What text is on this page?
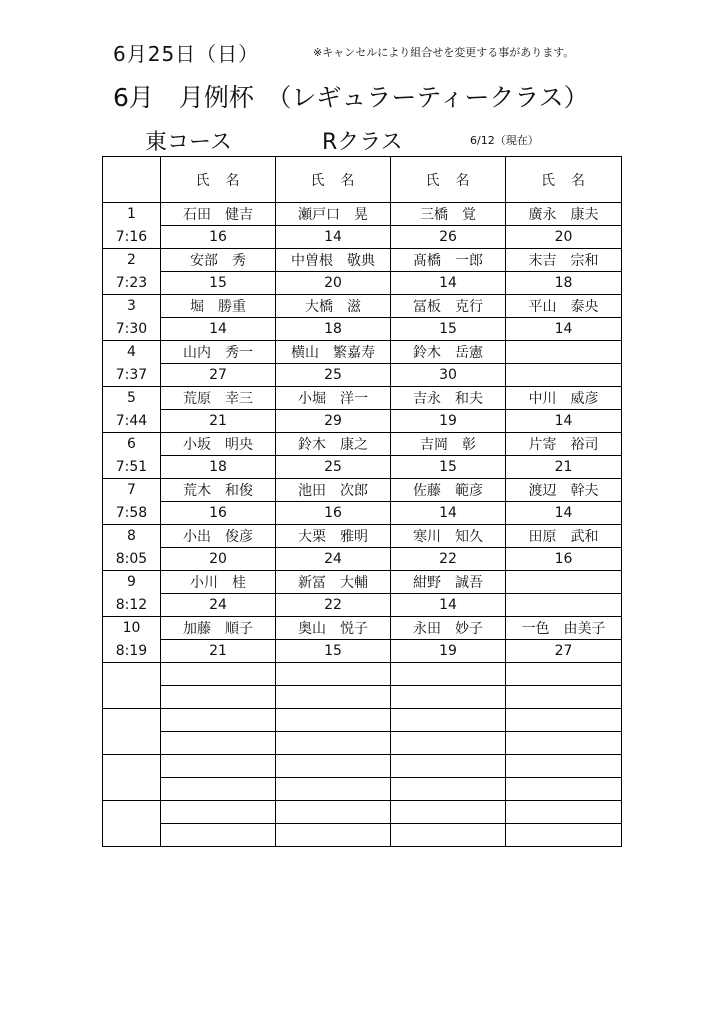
6月25日（日）	※キャンセルにより組合せを変更する事があります。
6月　月例杯　（レギュラーティークラス）
東コース	Rクラス	6/12（現在）
	氏　名	氏　名	氏　名	氏　名
1	石田 健吉	瀬戸口 晃	三橋 覚	廣永 康夫
7:16	16	14	26	20
2	安部 秀	中曽根 敬典	髙橋 一郎	末吉 宗和
7:23	15	20	14	18
3	堀 勝重	大橋 滋	冨板 克行	平山 泰央
7:30	14	18	15	14
4	山内 秀一	横山 繁嘉寿	鈴木 岳憲	
7:37	27	25	30	
5	荒原 幸三	小堀 洋一	吉永 和夫	中川 威彦
7:44	21	29	19	14
6	小坂 明央	鈴木 康之	吉岡 彰	片寄 裕司
7:51	18	25	15	21
7	荒木 和俊	池田 次郎	佐藤 範彦	渡辺 幹夫
7:58	16	16	14	14
8	小出 俊彦	大栗 雅明	寒川 知久	田原 武和
8:05	20	24	22	16
9	小川 桂	新冨 大輔	紺野 誠吾	
8:12	24	22	14	
10	加藤 順子	奥山 悦子	永田 妙子	一色 由美子
8:19	21	15	19	27
